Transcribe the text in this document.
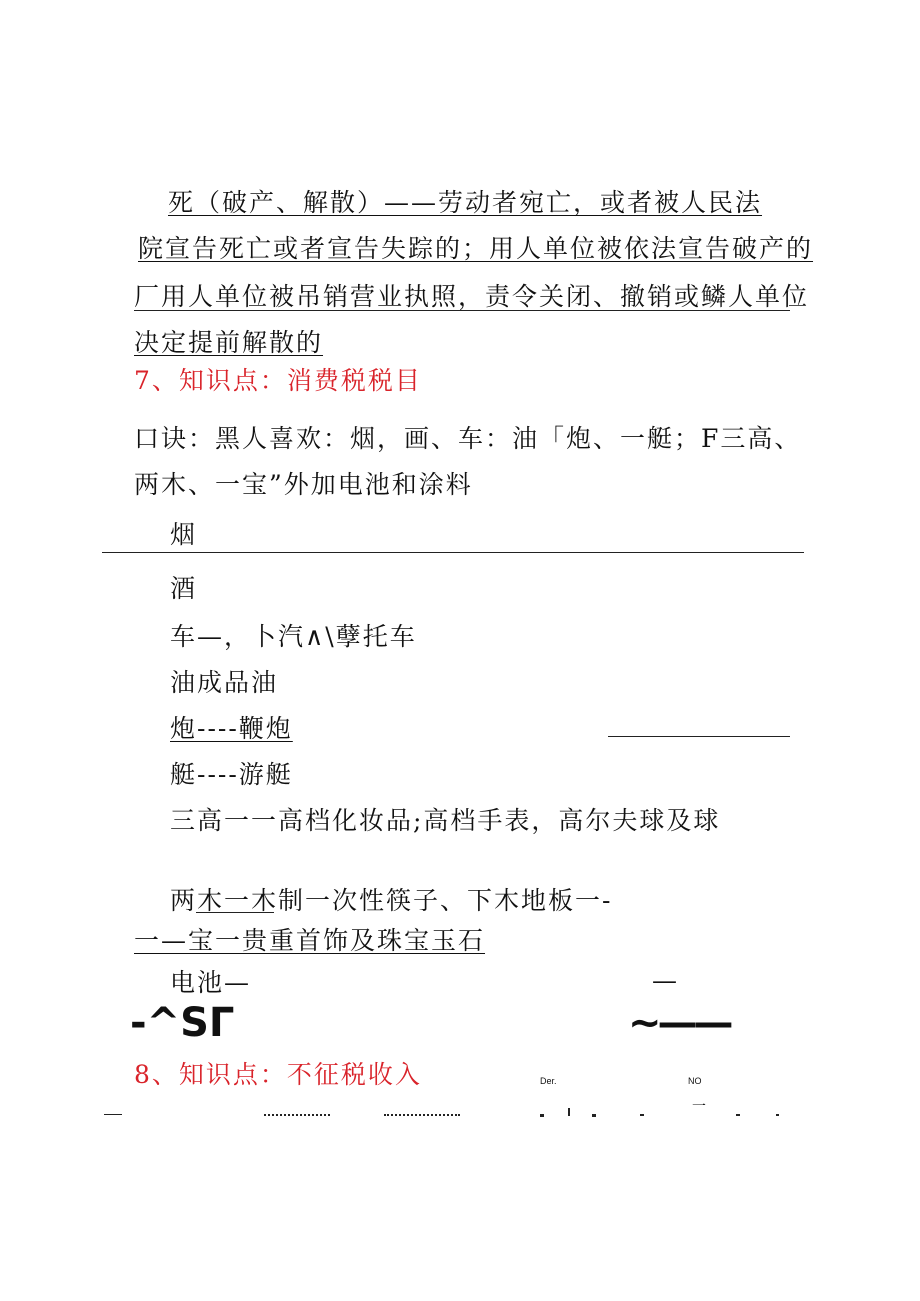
死（破产、解散）——劳动者宛亡，或者被人民法
院宣告死亡或者宣告失踪的；用人单位被依法宣告破产的
厂用人单位被吊销营业执照，责令关闭、撤销或鳞人单位
决定提前解散的
7、知识点：消费税税目
口诀：黑人喜欢：烟，画、车：油「炮、一艇；F三高、
两木、一宝”外加电池和涂料
烟
酒
车—，卜汽∧\孽托车
油成品油
炮----鞭炮
艇----游艇
三高一一高档化妆品;高档手表，高尔夫球及球
两木一木制一次性筷子、下木地板一-
一—宝一贵重首饰及珠宝玉石
电池—	—
-^SΓ	~——
8、知识点：不征税收入	Der.	NO
一
